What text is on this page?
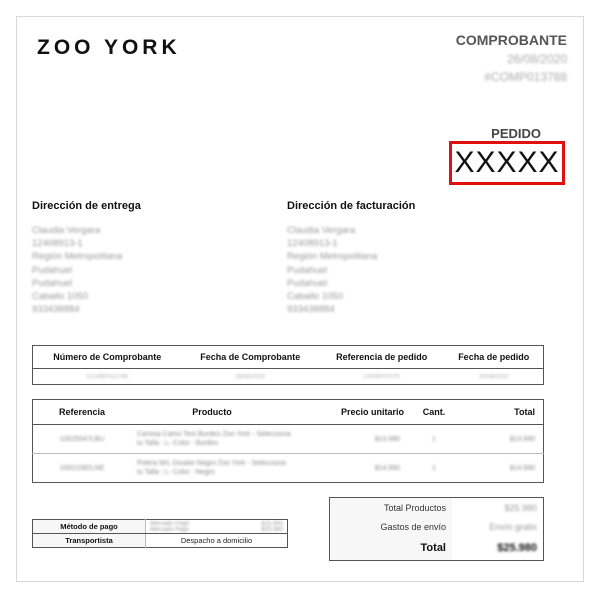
ZOO YORK	COMPROBANTE
26/08/2020
#COMP013788
PEDIDO
XXXXX
Dirección de entrega
Claudia Vergara
12408913-1
Región Metropolitana
Pudahuel
Pudahuel
Caballo 1050
933438884
Dirección de facturación
Claudia Vergara
12408913-1
Región Metropolitana
Pudahuel
Pudahuel
Caballo 1050
933438884
Número de Comprobante	Fecha de Comprobante	Referencia de pedido	Fecha de pedido
#COMP013788	26/08/2020	LRVMPPXYK	26/08/2020
Referencia	Producto	Precio unitario	Cant.	Total
10025047LBU	Camisa Camo Text Burdeo Zoo York - Selecciona tu Talla : L- Color : Burdeo	$13.990	1	$13.990
10021082LNE	Polera M/L Double Negro Zoo York - Selecciona tu Talla : L- Color : Negro	$14.990	1	$14.990
Total Productos	$25.980
Gastos de envío	Envío gratis
Total	$25.980
Método de pago	Mercado Pago $25.980
Mercado Pago $25.980

Transportista	Despacho a domicilio
